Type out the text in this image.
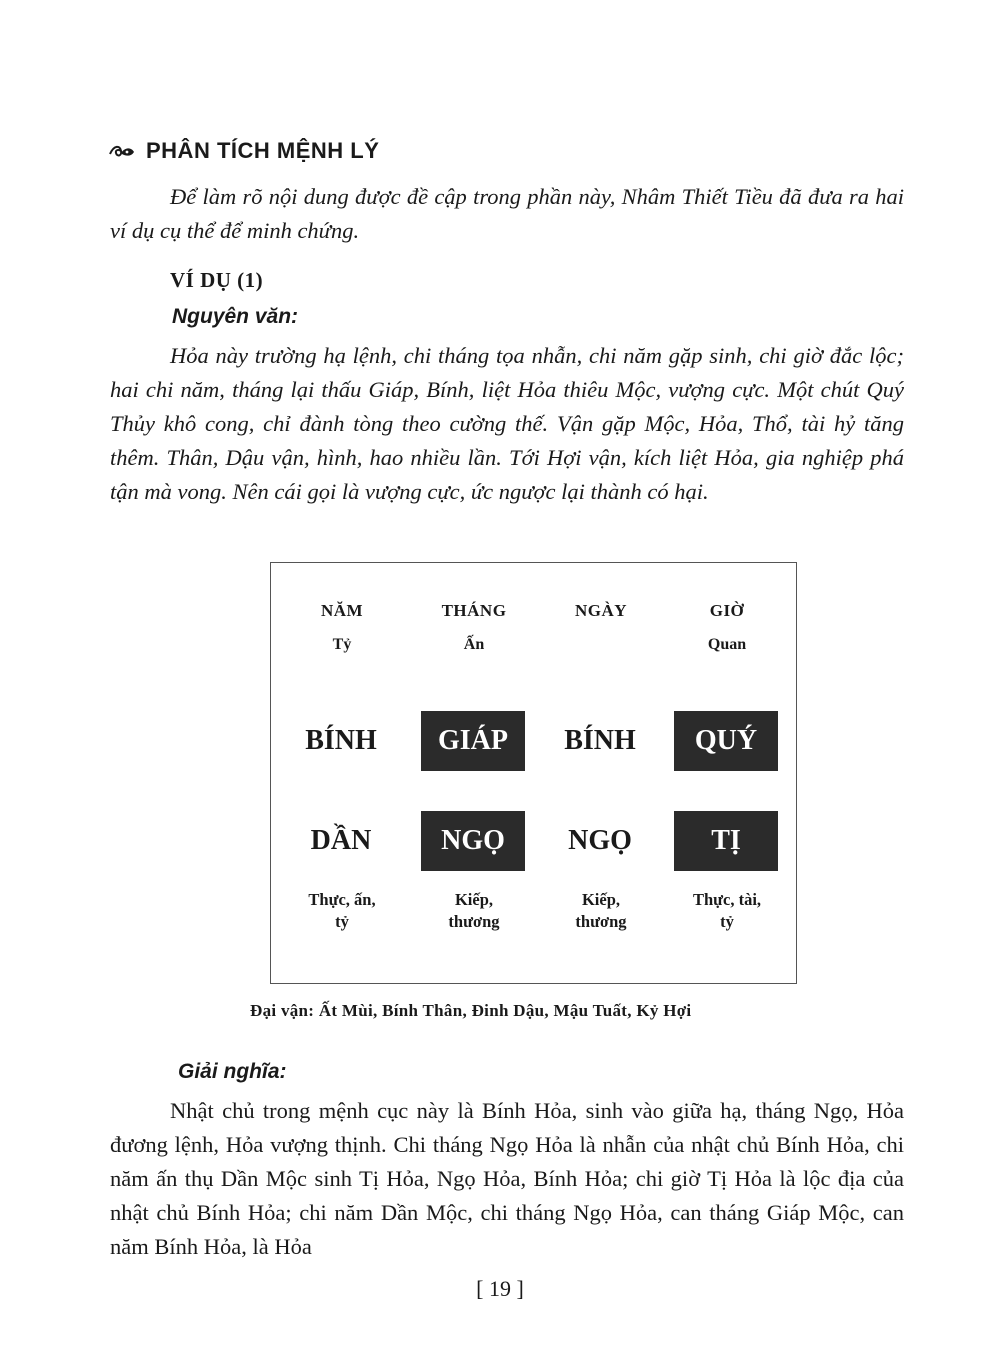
PHÂN TÍCH MỆNH LÝ

Để làm rõ nội dung được đề cập trong phần này, Nhâm Thiết Tiều đã đưa ra hai ví dụ cụ thể để minh chứng.

VÍ DỤ (1)
Nguyên văn:

Hỏa này trường hạ lệnh, chi tháng tọa nhẫn, chi năm gặp sinh, chi giờ đắc lộc; hai chi năm, tháng lại thấu Giáp, Bính, liệt Hỏa thiêu Mộc, vượng cực. Một chút Quý Thủy khô cong, chỉ đành tòng theo cường thế. Vận gặp Mộc, Hỏa, Thổ, tài hỷ tăng thêm. Thân, Dậu vận, hình, hao nhiều lần. Tới Hợi vận, kích liệt Hỏa, gia nghiệp phá tận mà vong. Nên cái gọi là vượng cực, ức ngược lại thành có hại.

NĂM
Tỷ
BÍNH
DẦN
Thực, ấn,
tỷ
THÁNG
Ấn
GIÁP
NGỌ
Kiếp,
thương
NGÀY
BÍNH
NGỌ
Kiếp,
thương
GIỜ
Quan
QUÝ
TỊ
Thực, tài,
tỷ
Đại vận: Ất Mùi, Bính Thân, Đinh Dậu, Mậu Tuất, Kỷ Hợi
Giải nghĩa:

Nhật chủ trong mệnh cục này là Bính Hỏa, sinh vào giữa hạ, tháng Ngọ, Hỏa đương lệnh, Hỏa vượng thịnh. Chi tháng Ngọ Hỏa là nhẫn của nhật chủ Bính Hỏa, chi năm ấn thụ Dần Mộc sinh Tị Hỏa, Ngọ Hỏa, Bính Hỏa; chi giờ Tị Hỏa là lộc địa của nhật chủ Bính Hỏa; chi năm Dần Mộc, chi tháng Ngọ Hỏa, can tháng Giáp Mộc, can năm Bính Hỏa, là Hỏa

[ 19 ]
